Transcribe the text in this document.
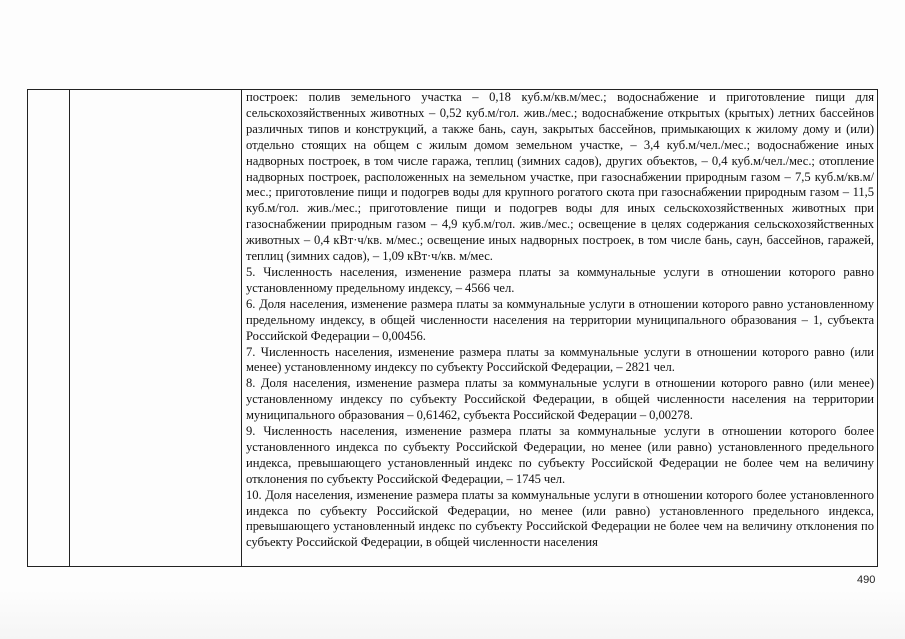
построек: полив земельного участка – 0,18 куб.м/кв.м/мес.; водоснабжение и приготовление пищи для сельскохозяйственных животных – 0,52 куб.м/гол. жив./мес.; водоснабжение открытых (крытых) летних бассейнов различных типов и конструкций, а также бань, саун, закрытых бассейнов, примыкающих к жилому дому и (или) отдельно стоящих на общем с жилым домом земельном участке, – 3,4 куб.м/чел./мес.; водоснабжение иных надворных построек, в том числе гаража, теплиц (зимних садов), других объектов, – 0,4 куб.м/чел./мес.; отопление надворных построек, расположенных на земельном участке, при газоснабжении природным газом – 7,5 куб.м/кв.м/мес.; приготовление пищи и подогрев воды для крупного рогатого скота при газоснабжении природным газом – 11,5 куб.м/гол. жив./мес.; приготовление пищи и подогрев воды для иных сельскохозяйственных животных при газоснабжении природным газом – 4,9 куб.м/гол. жив./мес.; освещение в целях содержания сельскохозяйственных животных – 0,4 кВт·ч/кв. м/мес.; освещение иных надворных построек, в том числе бань, саун, бассейнов, гаражей, теплиц (зимних садов), – 1,09 кВт·ч/кв. м/мес.

5. Численность населения, изменение размера платы за коммунальные услуги в отношении которого равно установленному предельному индексу, – 4566 чел.

6. Доля населения, изменение размера платы за коммунальные услуги в отношении которого равно установленному предельному индексу, в общей численности населения на территории муниципального образования – 1, субъекта Российской Федерации – 0,00456.

7. Численность населения, изменение размера платы за коммунальные услуги в отношении которого равно (или менее) установленному индексу по субъекту Российской Федерации, – 2821 чел.

8. Доля населения, изменение размера платы за коммунальные услуги в отношении которого равно (или менее) установленному индексу по субъекту Российской Федерации, в общей численности населения на территории муниципального образования – 0,61462, субъекта Российской Федерации – 0,00278.

9. Численность населения, изменение размера платы за коммунальные услуги в отношении которого более установленного индекса по субъекту Российской Федерации, но менее (или равно) установленного предельного индекса, превышающего установленный индекс по субъекту Российской Федерации не более чем на величину отклонения по субъекту Российской Федерации, – 1745 чел.

10. Доля населения, изменение размера платы за коммунальные услуги в отношении которого более установленного индекса по субъекту Российской Федерации, но менее (или равно) установленного предельного индекса, превышающего установленный индекс по субъекту Российской Федерации не более чем на величину отклонения по субъекту Российской Федерации, в общей численности населения

490
